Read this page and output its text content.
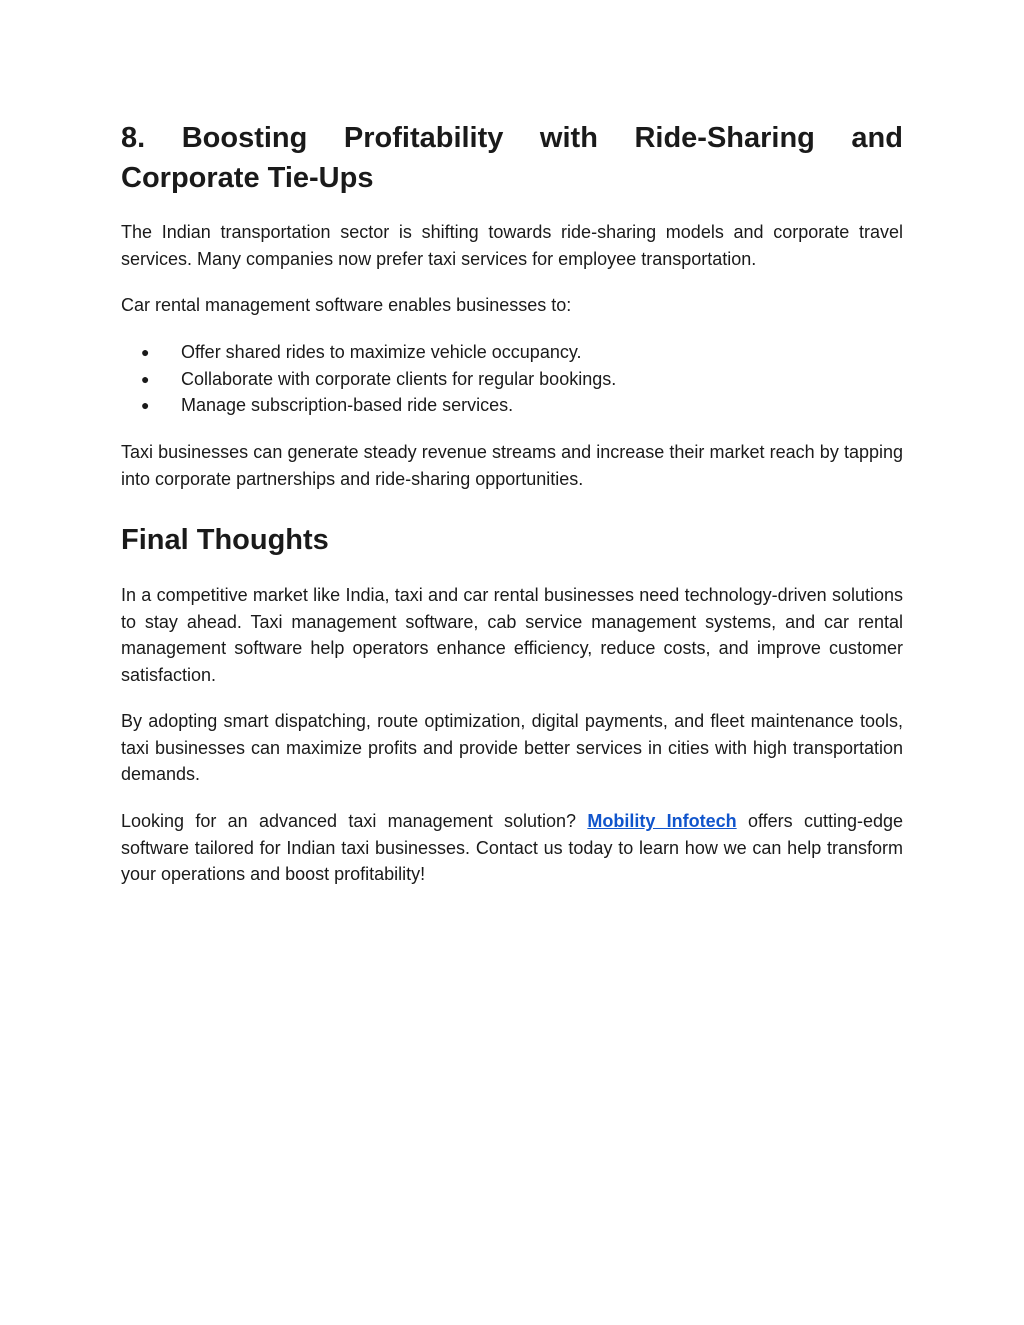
8. Boosting Profitability with Ride-Sharing and
Corporate Tie-Ups

The Indian transportation sector is shifting towards ride-sharing models and corporate travel services. Many companies now prefer taxi services for employee transportation.

Car rental management software enables businesses to:

● Offer shared rides to maximize vehicle occupancy.
● Collaborate with corporate clients for regular bookings.
● Manage subscription-based ride services.

Taxi businesses can generate steady revenue streams and increase their market reach by tapping into corporate partnerships and ride-sharing opportunities.

Final Thoughts

In a competitive market like India, taxi and car rental businesses need technology-driven solutions to stay ahead. Taxi management software, cab service management systems, and car rental management software help operators enhance efficiency, reduce costs, and improve customer satisfaction.

By adopting smart dispatching, route optimization, digital payments, and fleet maintenance tools, taxi businesses can maximize profits and provide better services in cities with high transportation demands.

Looking for an advanced taxi management solution? Mobility Infotech offers cutting-edge software tailored for Indian taxi businesses. Contact us today to learn how we can help transform your operations and boost profitability!
